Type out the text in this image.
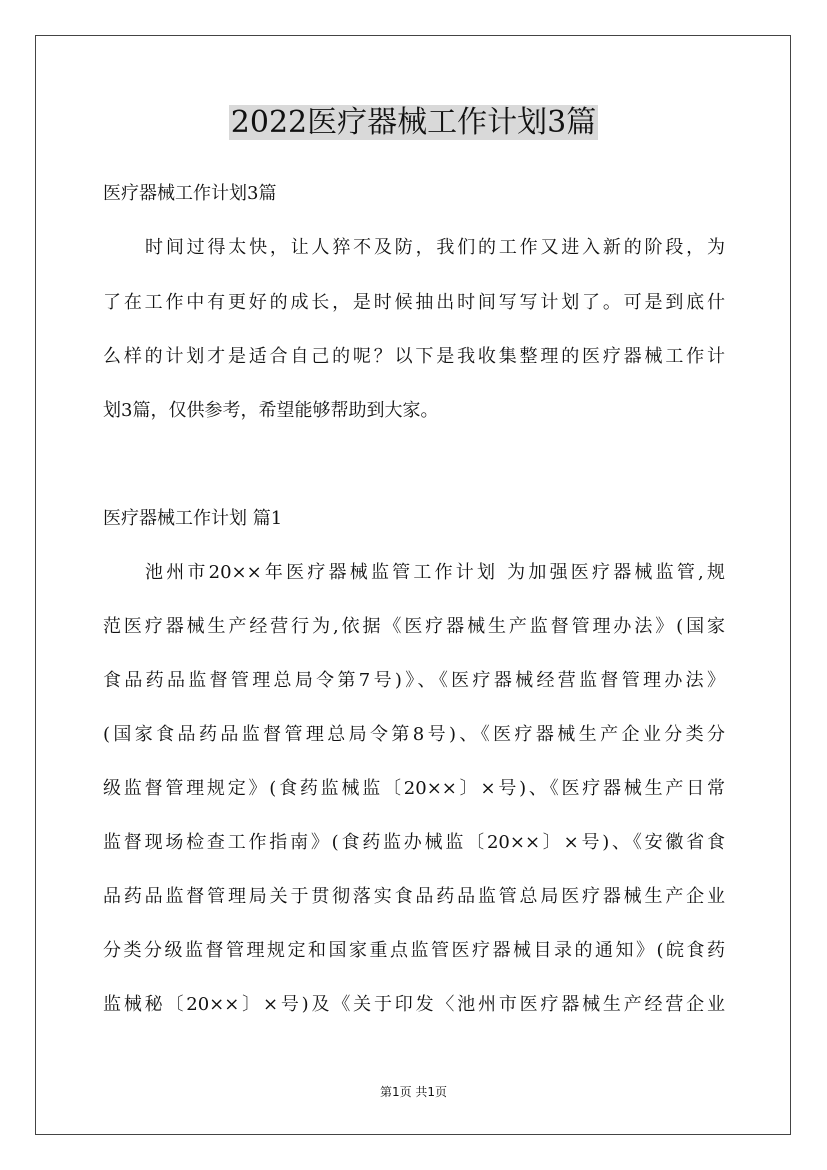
2022医疗器械工作计划3篇

医疗器械工作计划3篇

时间过得太快，让人猝不及防，我们的工作又进入新的阶段，为

了在工作中有更好的成长，是时候抽出时间写写计划了。可是到底什

么样的计划才是适合自己的呢？以下是我收集整理的医疗器械工作计

划3篇，仅供参考，希望能够帮助到大家。

医疗器械工作计划 篇1

池州市20××年医疗器械监管工作计划 为加强医疗器械监管,规

范医疗器械生产经营行为,依据《医疗器械生产监督管理办法》(国家

食品药品监督管理总局令第7号)》、《医疗器械经营监督管理办法》

(国家食品药品监督管理总局令第8号)、《医疗器械生产企业分类分

级监督管理规定》(食药监械监〔20××〕×号)、《医疗器械生产日常

监督现场检查工作指南》(食药监办械监〔20××〕×号)、《安徽省食

品药品监督管理局关于贯彻落实食品药品监管总局医疗器械生产企业

分类分级监督管理规定和国家重点监管医疗器械目录的通知》(皖食药

监械秘〔20××〕×号)及《关于印发〈池州市医疗器械生产经营企业

第1页 共1页
